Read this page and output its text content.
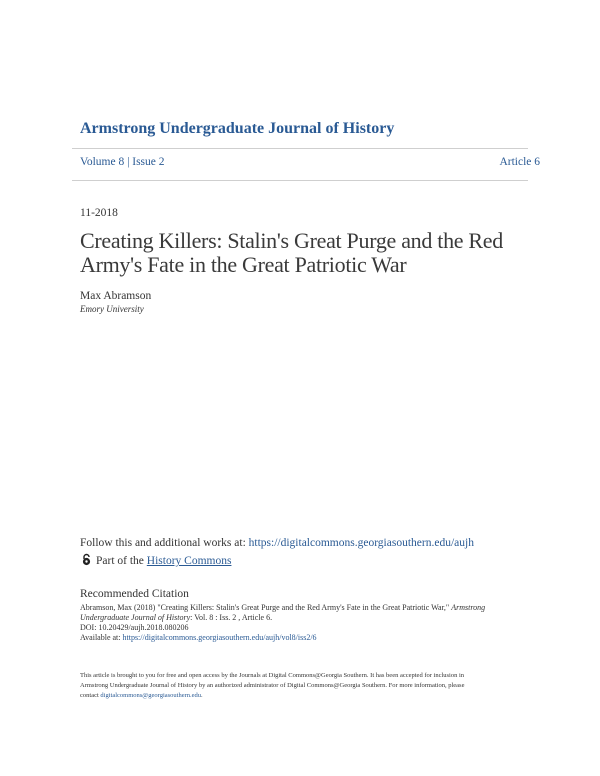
Armstrong Undergraduate Journal of History
Volume 8 | Issue 2	Article 6
11-2018
Creating Killers: Stalin's Great Purge and the Red Army's Fate in the Great Patriotic War
Max Abramson
Emory University
Follow this and additional works at: https://digitalcommons.georgiasouthern.edu/aujh
Part of the History Commons
Recommended Citation
Abramson, Max (2018) "Creating Killers: Stalin's Great Purge and the Red Army's Fate in the Great Patriotic War," Armstrong
Undergraduate Journal of History: Vol. 8 : Iss. 2 , Article 6.
DOI: 10.20429/aujh.2018.080206
Available at: https://digitalcommons.georgiasouthern.edu/aujh/vol8/iss2/6
This article is brought to you for free and open access by the Journals at Digital Commons@Georgia Southern. It has been accepted for inclusion in
Armstrong Undergraduate Journal of History by an authorized administrator of Digital Commons@Georgia Southern. For more information, please
contact digitalcommons@georgiasouthern.edu.
